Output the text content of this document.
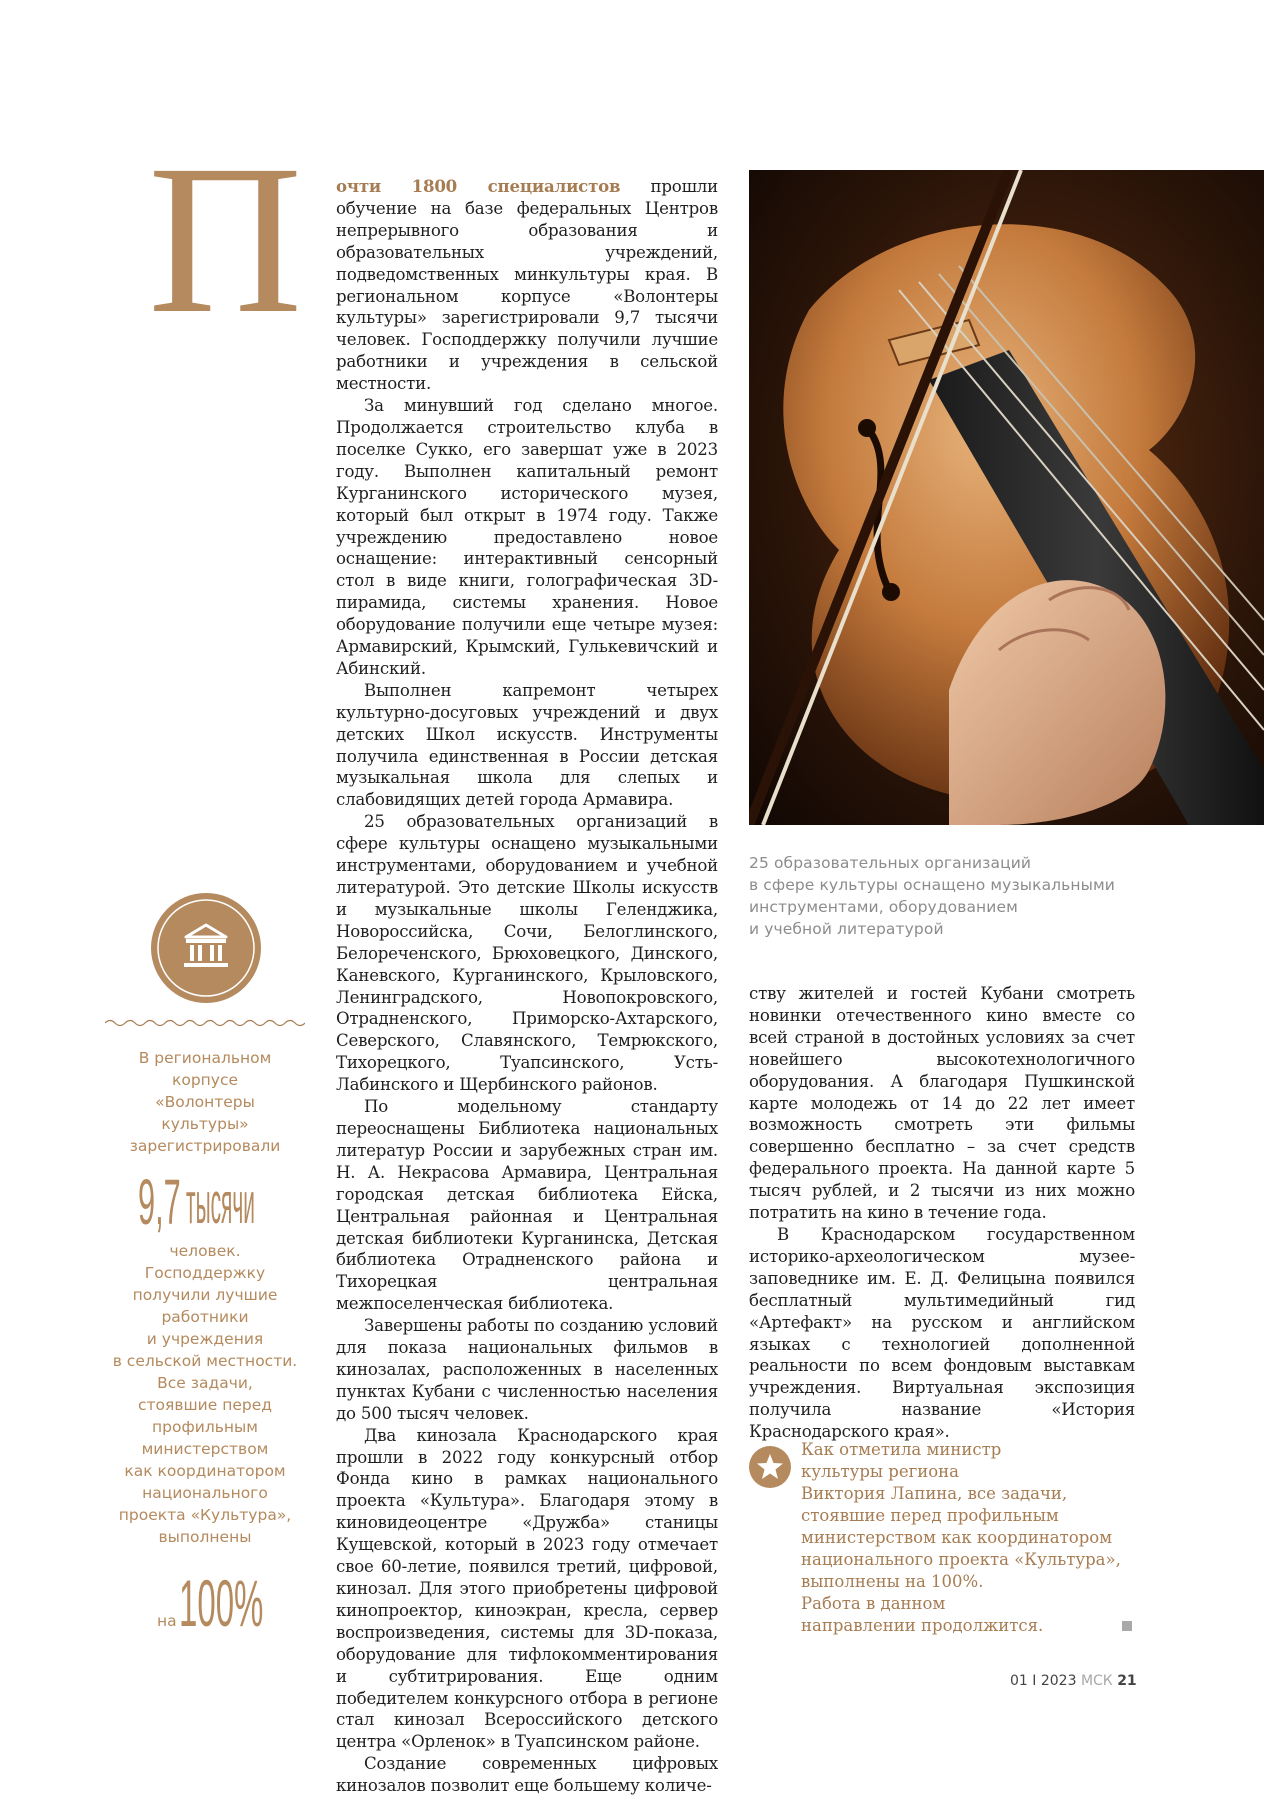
П	очти 1800 специалистов прошли обучение на базе федеральных Центров непрерывного образования и образовательных учреждений, подведомственных минкультуры края. В региональном корпусе «Волонтеры культуры» зарегистрировали 9,7 тысячи человек. Господдержку получили лучшие работники и учреждения в сельской местности.

За минувший год сделано многое. Продолжается строительство клуба в поселке Сукко, его завершат уже в 2023 году. Выполнен капитальный ремонт Курганинского исторического музея, который был открыт в 1974 году. Также учреждению предоставлено новое оснащение: интерактивный сенсорный стол в виде книги, голографическая 3D-пирамида, системы хранения. Новое оборудование получили еще четыре музея: Армавирский, Крымский, Гулькевичский и Абинский.

Выполнен капремонт четырех культурно-досуговых учреждений и двух детских Школ искусств. Инструменты получила единственная в России детская музыкальная школа для слепых и слабовидящих детей города Армавира.

25 образовательных организаций в сфере культуры оснащено музыкальными инструментами, оборудованием и учебной литературой. Это детские Школы искусств и музыкальные школы Геленджика, Новороссийска, Сочи, Белоглинского, Белореченского, Брюховецкого, Динского, Каневского, Курганинского, Крыловского, Ленинградского, Новопокровского, Отрадненского, Приморско-Ахтарского, Северского, Славянского, Темрюкского, Тихорецкого, Туапсинского, Усть-Лабинского и Щербинского районов.

По модельному стандарту переоснащены Библиотека национальных литератур России и зарубежных стран им. Н. А. Некрасова Армавира, Центральная городская детская библиотека Ейска, Центральная районная и Центральная детская библиотеки Курганинска, Детская библиотека Отрадненского района и Тихорецкая центральная межпоселенческая библиотека.

Завершены работы по созданию условий для показа национальных фильмов в кинозалах, расположенных в населенных пунктах Кубани с численностью населения до 500 тысяч человек.

Два кинозала Краснодарского края прошли в 2022 году конкурсный отбор Фонда кино в рамках национального проекта «Культура». Благодаря этому в киновидеоцентре «Дружба» станицы Кущевской, который в 2023 году отмечает свое 60-летие, появился третий, цифровой, кинозал. Для этого приобретены цифровой кинопроектор, киноэкран, кресла, сервер воспроизведения, системы для 3D-показа, оборудование для тифлокомментирования и субтитрирования. Еще одним победителем конкурсного отбора в регионе стал кинозал Всероссийского детского центра «Орленок» в Туапсинском районе.

Создание современных цифровых кинозалов позволит еще большему количе-

25 образовательных организаций
в сфере культуры оснащено музыкальными
инструментами, оборудованием
и учебной литературой

ству жителей и гостей Кубани смотреть новинки отечественного кино вместе со всей страной в достойных условиях за счет новейшего высокотехнологичного оборудования. А благодаря Пушкинской карте молодежь от 14 до 22 лет имеет возможность смотреть эти фильмы совершенно бесплатно – за счет средств федерального проекта. На данной карте 5 тысяч рублей, и 2 тысячи из них можно потратить на кино в течение года.

В Краснодарском государственном историко-археологическом музее-заповеднике им. Е. Д. Фелицына появился бесплатный мультимедийный гид «Артефакт» на русском и английском языках с технологией дополненной реальности по всем фондовым выставкам учреждения. Виртуальная экспозиция получила название «История Краснодарского края».

В региональном
корпусе
«Волонтеры
культуры»
зарегистрировали
9,7 тысячи
человек.
Господдержку
получили лучшие
работники
и учреждения
в сельской местности.
Все задачи,
стоявшие перед
профильным
министерством
как координатором
национального
проекта «Культура»,
выполнены
на 100%
Как отметила министр
культуры региона
Виктория Лапина, все задачи,
стоявшие перед профильным
министерством как координатором
национального проекта «Культура»,
выполнены на 100%.
Работа в данном
направлении продолжится.
01 I 2023 МСК 21
